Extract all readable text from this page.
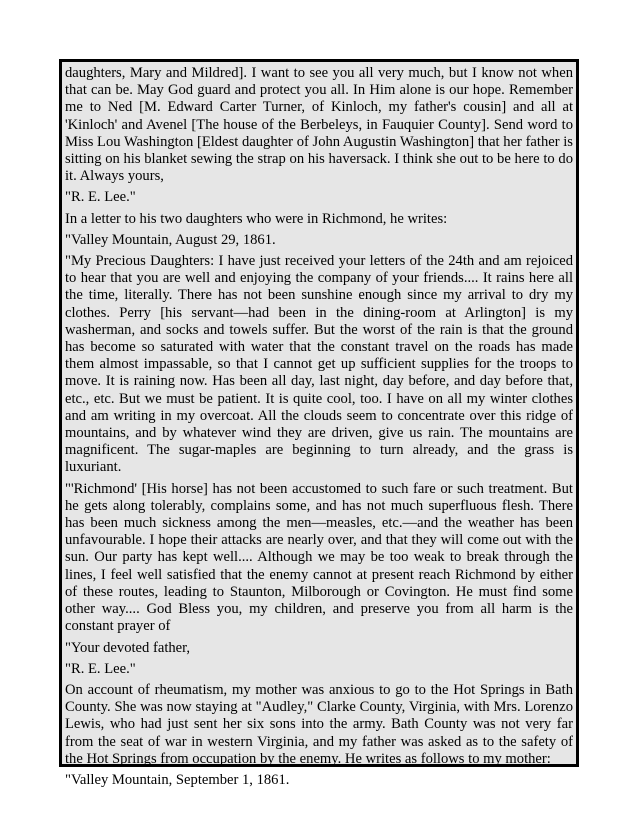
daughters, Mary and Mildred]. I want to see you all very much, but I know not when that can be. May God guard and protect you all. In Him alone is our hope. Remember me to Ned [M. Edward Carter Turner, of Kinloch, my father's cousin] and all at 'Kinloch' and Avenel [The house of the Berbeleys, in Fauquier County]. Send word to Miss Lou Washington [Eldest daughter of John Augustin Washington] that her father is sitting on his blanket sewing the strap on his haversack. I think she out to be here to do it. Always yours,

"R. E. Lee."

In a letter to his two daughters who were in Richmond, he writes:

"Valley Mountain, August 29, 1861.

"My Precious Daughters: I have just received your letters of the 24th and am rejoiced to hear that you are well and enjoying the company of your friends.... It rains here all the time, literally. There has not been sunshine enough since my arrival to dry my clothes. Perry [his servant—had been in the dining-room at Arlington] is my washerman, and socks and towels suffer. But the worst of the rain is that the ground has become so saturated with water that the constant travel on the roads has made them almost impassable, so that I cannot get up sufficient supplies for the troops to move. It is raining now. Has been all day, last night, day before, and day before that, etc., etc. But we must be patient. It is quite cool, too. I have on all my winter clothes and am writing in my overcoat. All the clouds seem to concentrate over this ridge of mountains, and by whatever wind they are driven, give us rain. The mountains are magnificent. The sugar-maples are beginning to turn already, and the grass is luxuriant.

"'Richmond' [His horse] has not been accustomed to such fare or such treatment. But he gets along tolerably, complains some, and has not much superfluous flesh. There has been much sickness among the men—measles, etc.—and the weather has been unfavourable. I hope their attacks are nearly over, and that they will come out with the sun. Our party has kept well.... Although we may be too weak to break through the lines, I feel well satisfied that the enemy cannot at present reach Richmond by either of these routes, leading to Staunton, Milborough or Covington. He must find some other way.... God Bless you, my children, and preserve you from all harm is the constant prayer of

"Your devoted father,

"R. E. Lee."

On account of rheumatism, my mother was anxious to go to the Hot Springs in Bath County. She was now staying at "Audley," Clarke County, Virginia, with Mrs. Lorenzo Lewis, who had just sent her six sons into the army. Bath County was not very far from the seat of war in western Virginia, and my father was asked as to the safety of the Hot Springs from occupation by the enemy. He writes as follows to my mother:

"Valley Mountain, September 1, 1861.
